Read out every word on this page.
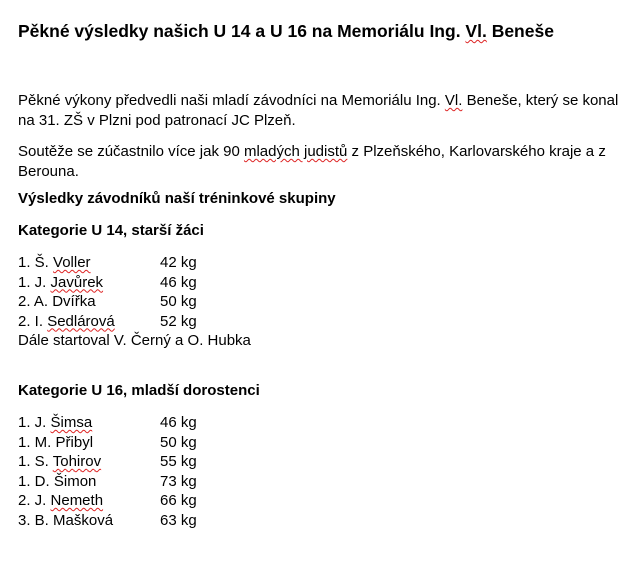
Pěkné výsledky našich U 14 a U 16 na Memoriálu Ing. Vl. Beneše

Pěkné výkony předvedli naši mladí závodníci na Memoriálu Ing. Vl. Beneše, který se konal na 31. ZŠ v Plzni pod patronací JC Plzeň.

Soutěže se zúčastnilo více jak 90 mladých judistů z Plzeňského, Karlovarského kraje a z Berouna.

Výsledky závodníků naší tréninkové skupiny
Kategorie U 14, starší žáci
1. Š. Voller	42 kg
1. J. Javůrek	46 kg
2. A. Dvířka	50 kg
2. I. Sedlárová	52 kg
Dále startoval V. Černý a O. Hubka
Kategorie U 16, mladší dorostenci
1. J. Šimsa	46 kg
1. M. Přibyl	50 kg
1. S. Tohirov	55 kg
1. D. Šimon	73 kg
2. J. Nemeth	66 kg
3. B. Mašková	63 kg
